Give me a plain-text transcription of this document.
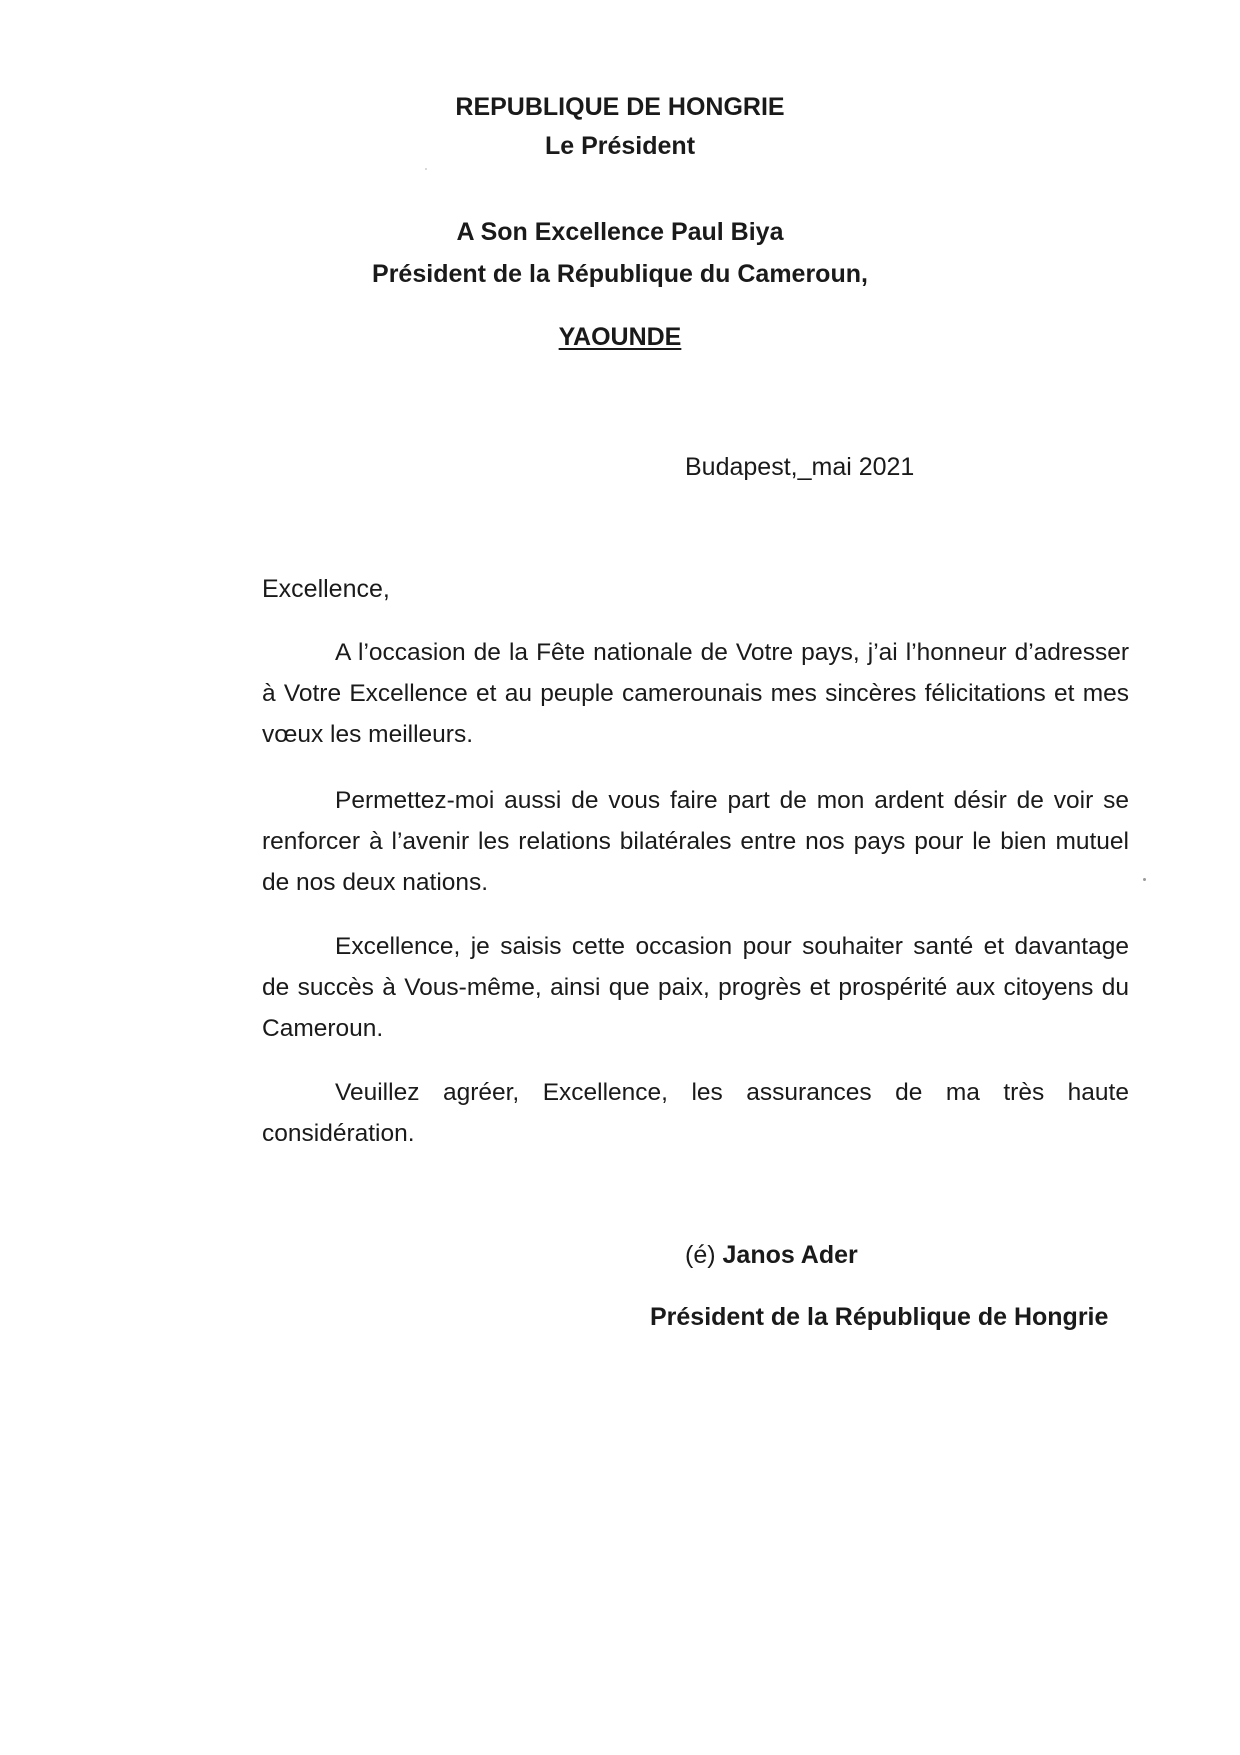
REPUBLIQUE DE HONGRIE
Le Président
A Son Excellence Paul Biya
Président de la République du Cameroun,
YAOUNDE
Budapest,_mai 2021
Excellence,

A l’occasion de la Fête nationale de Votre pays, j’ai l’honneur d’adresser à Votre Excellence et au peuple camerounais mes sincères félicitations et mes vœux les meilleurs.

Permettez-moi aussi de vous faire part de mon ardent désir de voir se renforcer à l’avenir les relations bilatérales entre nos pays pour le bien mutuel de nos deux nations.

Excellence, je saisis cette occasion pour souhaiter santé et davantage de succès à Vous-même, ainsi que paix, progrès et prospérité aux citoyens du Cameroun.

Veuillez agréer, Excellence, les assurances de ma très haute considération.

(é) Janos Ader
Président de la République de Hongrie
